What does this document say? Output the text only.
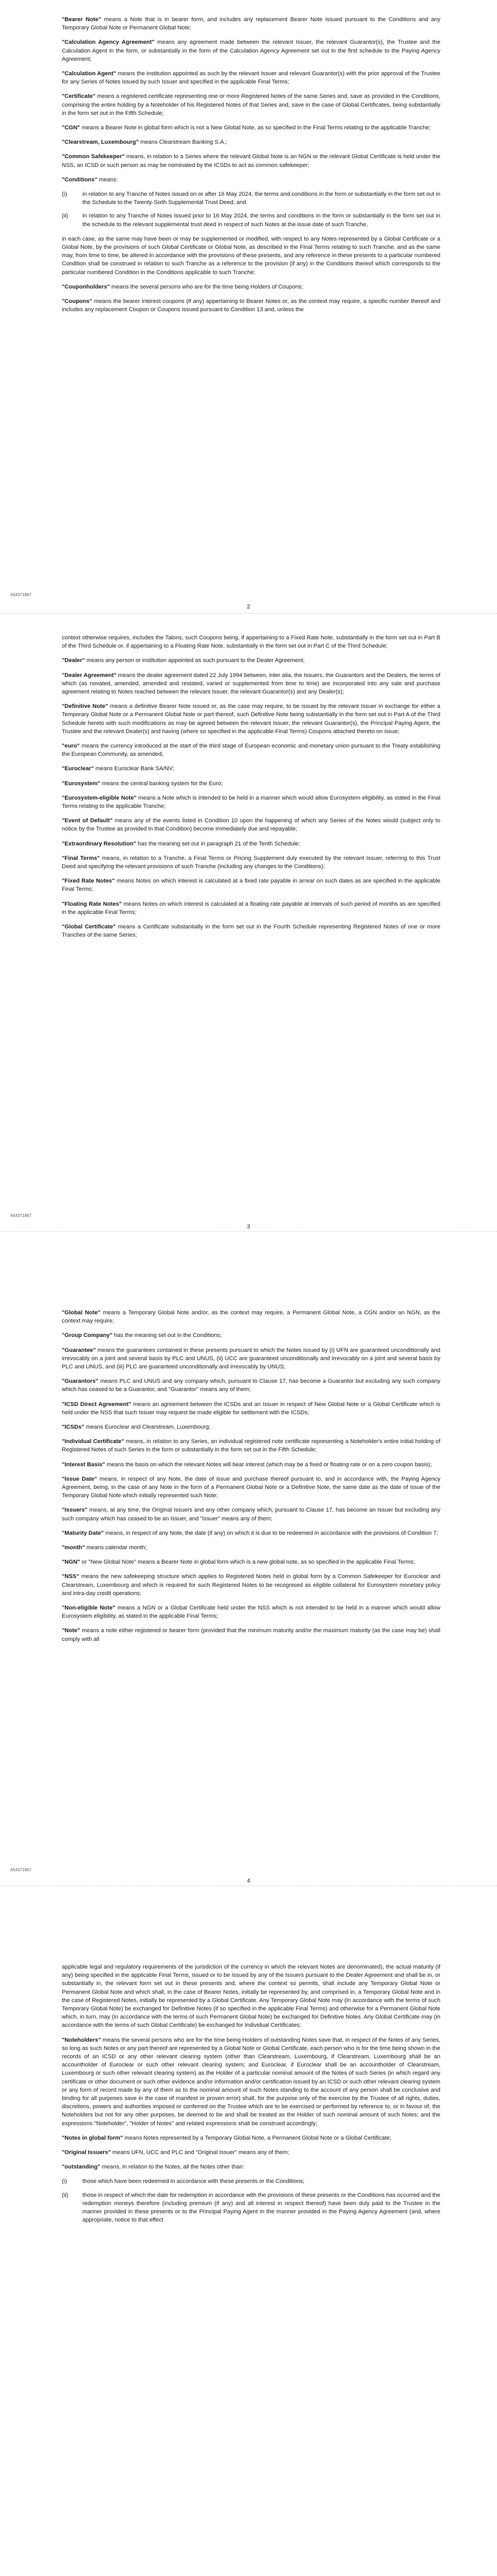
"Bearer Note" means a Note that is in bearer form, and includes any replacement Bearer Note issued pursuant to the Conditions and any Temporary Global Note or Permanent Global Note;

"Calculation Agency Agreement" means any agreement made between the relevant Issuer, the relevant Guarantor(s), the Trustee and the Calculation Agent in the form, or substantially in the form of the Calculation Agency Agreement set out in the first schedule to the Paying Agency Agreement;

"Calculation Agent" means the institution appointed as such by the relevant Issuer and relevant Guarantor(s) with the prior approval of the Trustee for any Series of Notes issued by such Issuer and specified in the applicable Final Terms;

"Certificate" means a registered certificate representing one or more Registered Notes of the same Series and, save as provided in the Conditions, comprising the entire holding by a Noteholder of his Registered Notes of that Series and, save in the case of Global Certificates, being substantially in the form set out in the Fifth Schedule;

"CGN" means a Bearer Note in global form which is not a New Global Note, as so specified in the Final Terms relating to the applicable Tranche;

"Clearstream, Luxembourg" means Clearstream Banking S.A.;

"Common Safekeeper" means, in relation to a Series where the relevant Global Note is an NGN or the relevant Global Certificate is held under the NSS, an ICSD or such person as may be nominated by the ICSDs to act as common safekeeper;

"Conditions" means:

(i)	in relation to any Tranche of Notes issued on or after 16 May 2024, the terms and conditions in the form or substantially in the form set out in the Schedule to the Twenty-Sixth Supplemental Trust Deed; and
(ii)	in relation to any Tranche of Notes issued prior to 16 May 2024, the terms and conditions in the form or substantially in the form set out in the schedule to the relevant supplemental trust deed in respect of such Notes at the issue date of such Tranche,

in each case, as the same may have been or may be supplemented or modified, with respect to any Notes represented by a Global Certificate or a Global Note, by the provisions of such Global Certificate or Global Note, as described in the Final Terms relating to such Tranche, and as the same may, from time to time, be altered in accordance with the provisions of these presents, and any reference in these presents to a particular numbered Condition shall be construed in relation to such Tranche as a reference to the provision (if any) in the Conditions thereof which corresponds to the particular numbered Condition in the Conditions applicable to such Tranche;

"Couponholders" means the several persons who are for the time being Holders of Coupons;

"Coupons" means the bearer interest coupons (if any) appertaining to Bearer Notes or, as the context may require, a specific number thereof and includes any replacement Coupon or Coupons issued pursuant to Condition 13 and, unless the

A54371867
2

context otherwise requires, includes the Talons, such Coupons being, if appertaining to a Fixed Rate Note, substantially in the form set out in Part B of the Third Schedule or, if appertaining to a Floating Rate Note, substantially in the form set out in Part C of the Third Schedule;

"Dealer" means any person or institution appointed as such pursuant to the Dealer Agreement;

"Dealer Agreement" means the dealer agreement dated 22 July 1994 between, inter alia, the Issuers, the Guarantors and the Dealers, the terms of which (as novated, amended, amended and restated, varied or supplemented from time to time) are incorporated into any sale and purchase agreement relating to Notes reached between the relevant Issuer, the relevant Guarantor(s) and any Dealer(s);

"Definitive Note" means a definitive Bearer Note issued or, as the case may require, to be issued by the relevant Issuer in exchange for either a Temporary Global Note or a Permanent Global Note or part thereof, such Definitive Note being substantially in the form set out in Part A of the Third Schedule hereto with such modifications as may be agreed between the relevant Issuer, the relevant Guarantor(s), the Principal Paying Agent, the Trustee and the relevant Dealer(s) and having (where so specified in the applicable Final Terms) Coupons attached thereto on issue;

"euro" means the currency introduced at the start of the third stage of European economic and monetary union pursuant to the Treaty establishing the European Community, as amended;

"Euroclear" means Euroclear Bank SA/NV;

"Eurosystem" means the central banking system for the Euro;

"Eurosystem-eligible Note" means a Note which is intended to be held in a manner which would allow Eurosystem eligibility, as stated in the Final Terms relating to the applicable Tranche;

"Event of Default" means any of the events listed in Condition 10 upon the happening of which any Series of the Notes would (subject only to notice by the Trustee as provided in that Condition) become immediately due and repayable;

"Extraordinary Resolution" has the meaning set out in paragraph 21 of the Tenth Schedule;

"Final Terms" means, in relation to a Tranche, a Final Terms or Pricing Supplement duly executed by the relevant Issuer, referring to this Trust Deed and specifying the relevant provisions of such Tranche (including any changes to the Conditions);

"Fixed Rate Notes" means Notes on which interest is calculated at a fixed rate payable in arrear on such dates as are specified in the applicable Final Terms;

"Floating Rate Notes" means Notes on which interest is calculated at a floating rate payable at intervals of such period of months as are specified in the applicable Final Terms;

"Global Certificate" means a Certificate substantially in the form set out in the Fourth Schedule representing Registered Notes of one or more Tranches of the same Series;

A54371867
3

"Global Note" means a Temporary Global Note and/or, as the context may require, a Permanent Global Note, a CGN and/or an NGN, as the context may require;

"Group Company" has the meaning set out in the Conditions;

"Guarantee" means the guarantees contained in these presents pursuant to which the Notes issued by (i) UFN are guaranteed unconditionally and irrevocably on a joint and several basis by PLC and UNUS, (ii) UCC are guaranteed unconditionally and irrevocably on a joint and several basis by PLC and UNUS, and (iii) PLC are guaranteed unconditionally and irrevocably by UNUS;

"Guarantors" means PLC and UNUS and any company which, pursuant to Clause 17, has become a Guarantor but excluding any such company which has ceased to be a Guarantor, and "Guarantor" means any of them;

"ICSD Direct Agreement" means an agreement between the ICSDs and an Issuer in respect of New Global Note or a Global Certificate which is held under the NSS that such Issuer may request be made eligible for settlement with the ICSDs;

"ICSDs" means Euroclear and Clearstream, Luxembourg;

"Individual Certificate" means, in relation to any Series, an individual registered note certificate representing a Noteholder's entire initial holding of Registered Notes of such Series in the form or substantially in the form set out in the Fifth Schedule;

"Interest Basis" means the basis on which the relevant Notes will bear interest (which may be a fixed or floating rate or on a zero coupon basis);

"Issue Date" means, in respect of any Note, the date of issue and purchase thereof pursuant to, and in accordance with, the Paying Agency Agreement, being, in the case of any Note in the form of a Permanent Global Note or a Definitive Note, the same date as the date of issue of the Temporary Global Note which initially represented such Note;

"Issuers" means, at any time, the Original Issuers and any other company which, pursuant to Clause 17, has become an Issuer but excluding any such company which has ceased to be an Issuer, and "Issuer" means any of them;

"Maturity Date" means, in respect of any Note, the date (if any) on which it is due to be redeemed in accordance with the provisions of Condition 7;

"month" means calendar month;

"NGN" or "New Global Note" means a Bearer Note in global form which is a new global note, as so specified in the applicable Final Terms;

"NSS" means the new safekeeping structure which applies to Registered Notes held in global form by a Common Safekeeper for Euroclear and Clearstream, Luxembourg and which is required for such Registered Notes to be recognised as eligible collateral for Eurosystem monetary policy and intra-day credit operations;

"Non-eligible Note" means a NGN or a Global Certificate held under the NSS which is not intended to be held in a manner which would allow Eurosystem eligibility, as stated in the applicable Final Terms;

"Note" means a note either registered or bearer form (provided that the minimum maturity and/or the maximum maturity (as the case may be) shall comply with all

A54371867
4

applicable legal and regulatory requirements of the jurisdiction of the currency in which the relevant Notes are denominated), the actual maturity (if any) being specified in the applicable Final Terms, issued or to be issued by any of the Issuers pursuant to the Dealer Agreement and shall be in, or substantially in, the relevant form set out in these presents and, where the context so permits, shall include any Temporary Global Note or Permanent Global Note and which shall, in the case of Bearer Notes, initially be represented by, and comprised in, a Temporary Global Note and in the case of Registered Notes, initially be represented by a Global Certificate. Any Temporary Global Note may (in accordance with the terms of such Temporary Global Note) be exchanged for Definitive Notes (if so specified in the applicable Final Terms) and otherwise for a Permanent Global Note which, in turn, may (in accordance with the terms of such Permanent Global Note) be exchanged for Definitive Notes. Any Global Certificate may (in accordance with the terms of such Global Certificate) be exchanged for Individual Certificates;

"Noteholders" means the several persons who are for the time being Holders of outstanding Notes save that, in respect of the Notes of any Series, so long as such Notes or any part thereof are represented by a Global Note or Global Certificate, each person who is for the time being shown in the records of an ICSD or any other relevant clearing system (other than Clearstream, Luxembourg, if Clearstream, Luxembourg shall be an accountholder of Euroclear or such other relevant clearing system; and Euroclear, if Euroclear shall be an accountholder of Clearstream, Luxembourg or such other relevant clearing system) as the Holder of a particular nominal amount of the Notes of such Series (in which regard any certificate or other document or such other evidence and/or information and/or certification issued by an ICSD or such other relevant clearing system or any form of record made by any of them as to the nominal amount of such Notes standing to the account of any person shall be conclusive and binding for all purposes save in the case of manifest or proven error) shall, for the purpose only of the exercise by the Trustee of all rights, duties, discretions, powers and authorities imposed or conferred on the Trustee which are to be exercised or performed by reference to, or in favour of, the Noteholders but not for any other purposes, be deemed to be and shall be treated as the Holder of such nominal amount of such Notes; and the expressions "Noteholder", "Holder of Notes" and related expressions shall be construed accordingly;

"Notes in global form" means Notes represented by a Temporary Global Note, a Permanent Global Note or a Global Certificate;

"Original Issuers" means UFN, UCC and PLC and "Original Issuer" means any of them;

"outstanding" means, in relation to the Notes, all the Notes other than:

(i)	those which have been redeemed in accordance with these presents or the Conditions;
(ii)	those in respect of which the date for redemption in accordance with the provisions of these presents or the Conditions has occurred and the redemption moneys therefore (including premium (if any) and all interest in respect thereof) have been duly paid to the Trustee in the manner provided in these presents or to the Principal Paying Agent in the manner provided in the Paying Agency Agreement (and, where appropriate, notice to that effect
